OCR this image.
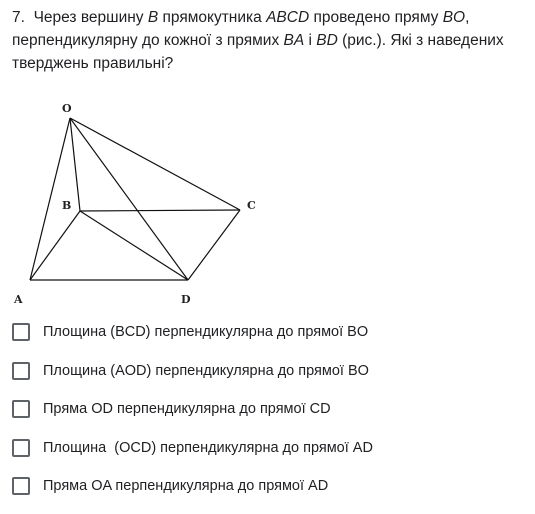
7. Через вершину B прямокутника ABCD проведено пряму BO, перпендикулярну до кожної з прямих BA і BD (рис.). Які з наведених тверджень правильні?

O
B	C
A	D
Площина (BCD) перпендикулярна до прямої BO
Площина (AOD) перпендикулярна до прямої BO
Пряма OD перпендикулярна до прямої CD
Площина  (OCD) перпендикулярна до прямої AD
Пряма OA перпендикулярна до прямої AD
